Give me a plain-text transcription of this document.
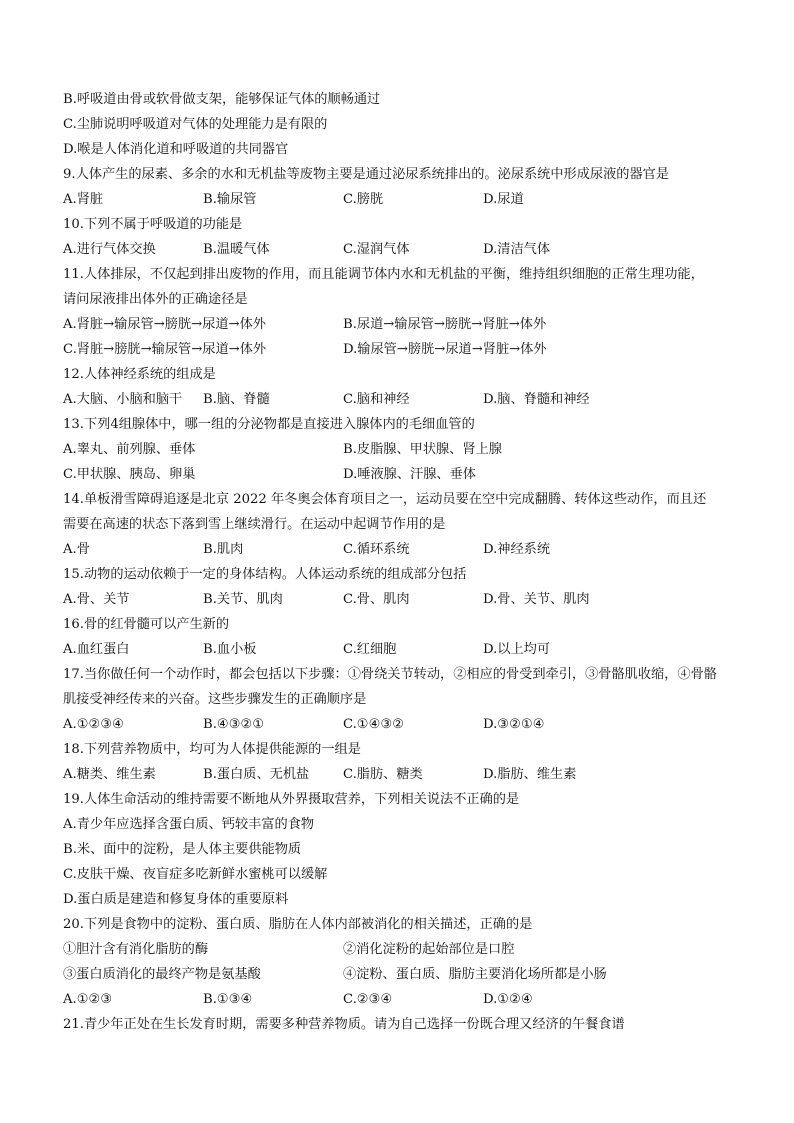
B.呼吸道由骨或软骨做支架，能够保证气体的顺畅通过
C.尘肺说明呼吸道对气体的处理能力是有限的
D.喉是人体消化道和呼吸道的共同器官
9.人体产生的尿素、多余的水和无机盐等废物主要是通过泌尿系统排出的。泌尿系统中形成尿液的器官是
A.肾脏	B.输尿管	C.膀胱	D.尿道
10.下列不属于呼吸道的功能是
A.进行气体交换	B.温暖气体	C.湿润气体	D.清洁气体
11.人体排尿，不仅起到排出废物的作用，而且能调节体内水和无机盐的平衡，维持组织细胞的正常生理功能，
请问尿液排出体外的正确途径是
A.肾脏→输尿管→膀胱→尿道→体外	B.尿道→输尿管→膀胱→肾脏→体外
C.肾脏→膀胱→输尿管→尿道→体外	D.输尿管→膀胱→尿道→肾脏→体外
12.人体神经系统的组成是
A.大脑、小脑和脑干 B.脑、脊髓	C.脑和神经	D.脑、脊髓和神经
13.下列4组腺体中，哪一组的分泌物都是直接进入腺体内的毛细血管的
A.睾丸、前列腺、垂体	B.皮脂腺、甲状腺、肾上腺
C.甲状腺、胰岛、卵巢	D.唾液腺、汗腺、垂体
14.单板滑雪障碍追逐是北京 2022 年冬奥会体育项目之一，运动员要在空中完成翻腾、转体这些动作，而且还
需要在高速的状态下落到雪上继续滑行。在运动中起调节作用的是
A.骨	B.肌肉	C.循环系统	D.神经系统
15.动物的运动依赖于一定的身体结构。人体运动系统的组成部分包括
A.骨、关节	B.关节、肌肉	C.骨、肌肉	D.骨、关节、肌肉
16.骨的红骨髓可以产生新的
A.血红蛋白	B.血小板	C.红细胞	D.以上均可
17.当你做任何一个动作时，都会包括以下步骤：①骨绕关节转动，②相应的骨受到牵引，③骨骼肌收缩，④骨骼
肌接受神经传来的兴奋。这些步骤发生的正确顺序是
A.①②③④	B.④③②①	C.①④③②	D.③②①④
18.下列营养物质中，均可为人体提供能源的一组是
A.糖类、维生素	B.蛋白质、无机盐	C.脂肪、糖类	D.脂肪、维生素
19.人体生命活动的维持需要不断地从外界摄取营养，下列相关说法不正确的是
A.青少年应选择含蛋白质、钙较丰富的食物
B.米、面中的淀粉，是人体主要供能物质
C.皮肤干燥、夜盲症多吃新鲜水蜜桃可以缓解
D.蛋白质是建造和修复身体的重要原料
20.下列是食物中的淀粉、蛋白质、脂肪在人体内部被消化的相关描述，正确的是
①胆汁含有消化脂肪的酶	②消化淀粉的起始部位是口腔
③蛋白质消化的最终产物是氨基酸	④淀粉、蛋白质、脂肪主要消化场所都是小肠
A.①②③	B.①③④	C.②③④	D.①②④
21.青少年正处在生长发育时期，需要多种营养物质。请为自己选择一份既合理又经济的午餐食谱
